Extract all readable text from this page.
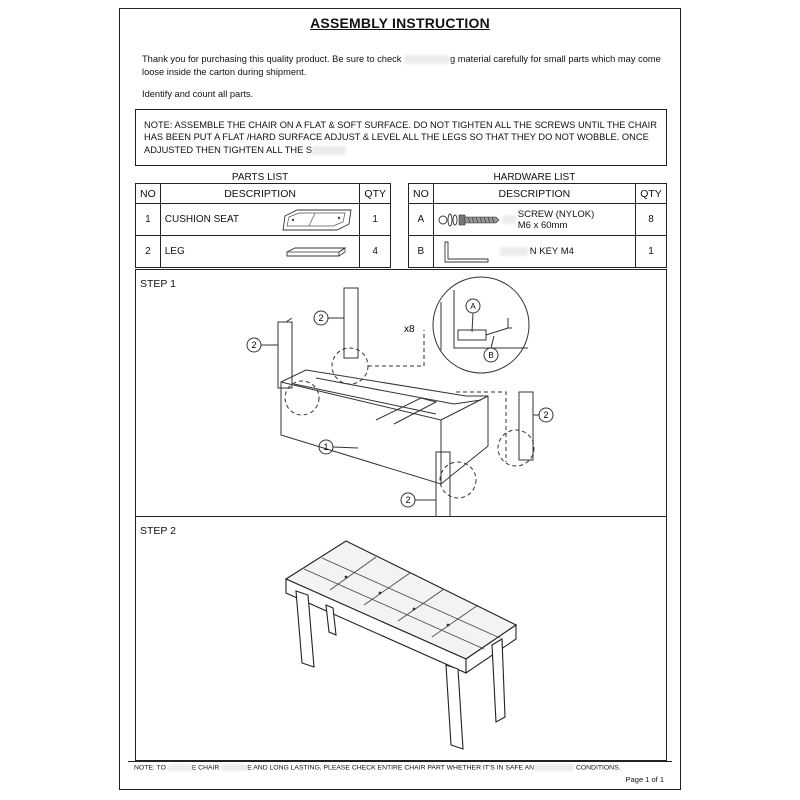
ASSEMBLY INSTRUCTION
Thank you for purchasing this quality product. Be sure to check	g material carefully for small parts which may come loose inside the carton during shipment.
Identify and count all parts.
NOTE: ASSEMBLE THE CHAIR ON A FLAT & SOFT SURFACE. DO NOT TIGHTEN ALL THE SCREWS UNTIL THE CHAIR HAS BEEN PUT A FLAT /HARD SURFACE ADJUST & LEVEL ALL THE LEGS SO THAT THEY DO NOT WOBBLE. ONCE ADJUSTED THEN TIGHTEN ALL THE S
	PARTS LIST	
NO	DESCRIPTION	QTY
1	CUSHION SEAT	1
2	LEG	4
	HARDWARE LIST	
NO	DESCRIPTION	QTY
A	SCREW (NYLOK)
M6 x 60mm	8
B	N KEY M4	1
STEP 1
2
2
2
2
1
A
B
x8
STEP 2
NOTE: TO	E CHAIR	E AND LONG LASTING, PLEASE CHECK ENTIRE CHAIR PART WHETHER IT'S IN SAFE AN	CONDITIONS.
Page 1 of 1
